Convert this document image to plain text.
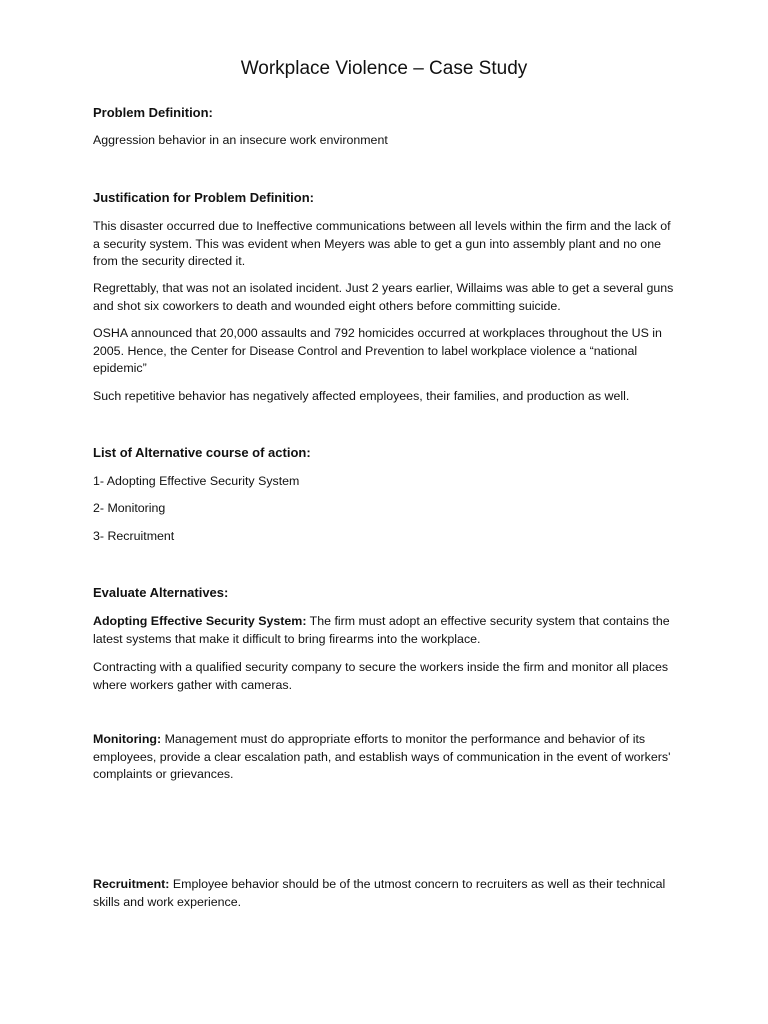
Workplace Violence – Case Study

Problem Definition:

Aggression behavior in an insecure work environment

Justification for Problem Definition:

This disaster occurred due to Ineffective communications between all levels within the firm and the lack of a security system. This was evident when Meyers was able to get a gun into assembly plant and no one from the security directed it.

Regrettably, that was not an isolated incident. Just 2 years earlier, Willaims was able to get a several guns and shot six coworkers to death and wounded eight others before committing suicide.

OSHA announced that 20,000 assaults and 792 homicides occurred at workplaces throughout the US in 2005. Hence, the Center for Disease Control and Prevention to label workplace violence a “national epidemic”

Such repetitive behavior has negatively affected employees, their families, and production as well.

List of Alternative course of action:

1- Adopting Effective Security System

2- Monitoring

3- Recruitment

Evaluate Alternatives:

Adopting Effective Security System: The firm must adopt an effective security system that contains the latest systems that make it difficult to bring firearms into the workplace.

Contracting with a qualified security company to secure the workers inside the firm and monitor all places where workers gather with cameras.

Monitoring: Management must do appropriate efforts to monitor the performance and behavior of its employees, provide a clear escalation path, and establish ways of communication in the event of workers' complaints or grievances.

Recruitment: Employee behavior should be of the utmost concern to recruiters as well as their technical skills and work experience.
